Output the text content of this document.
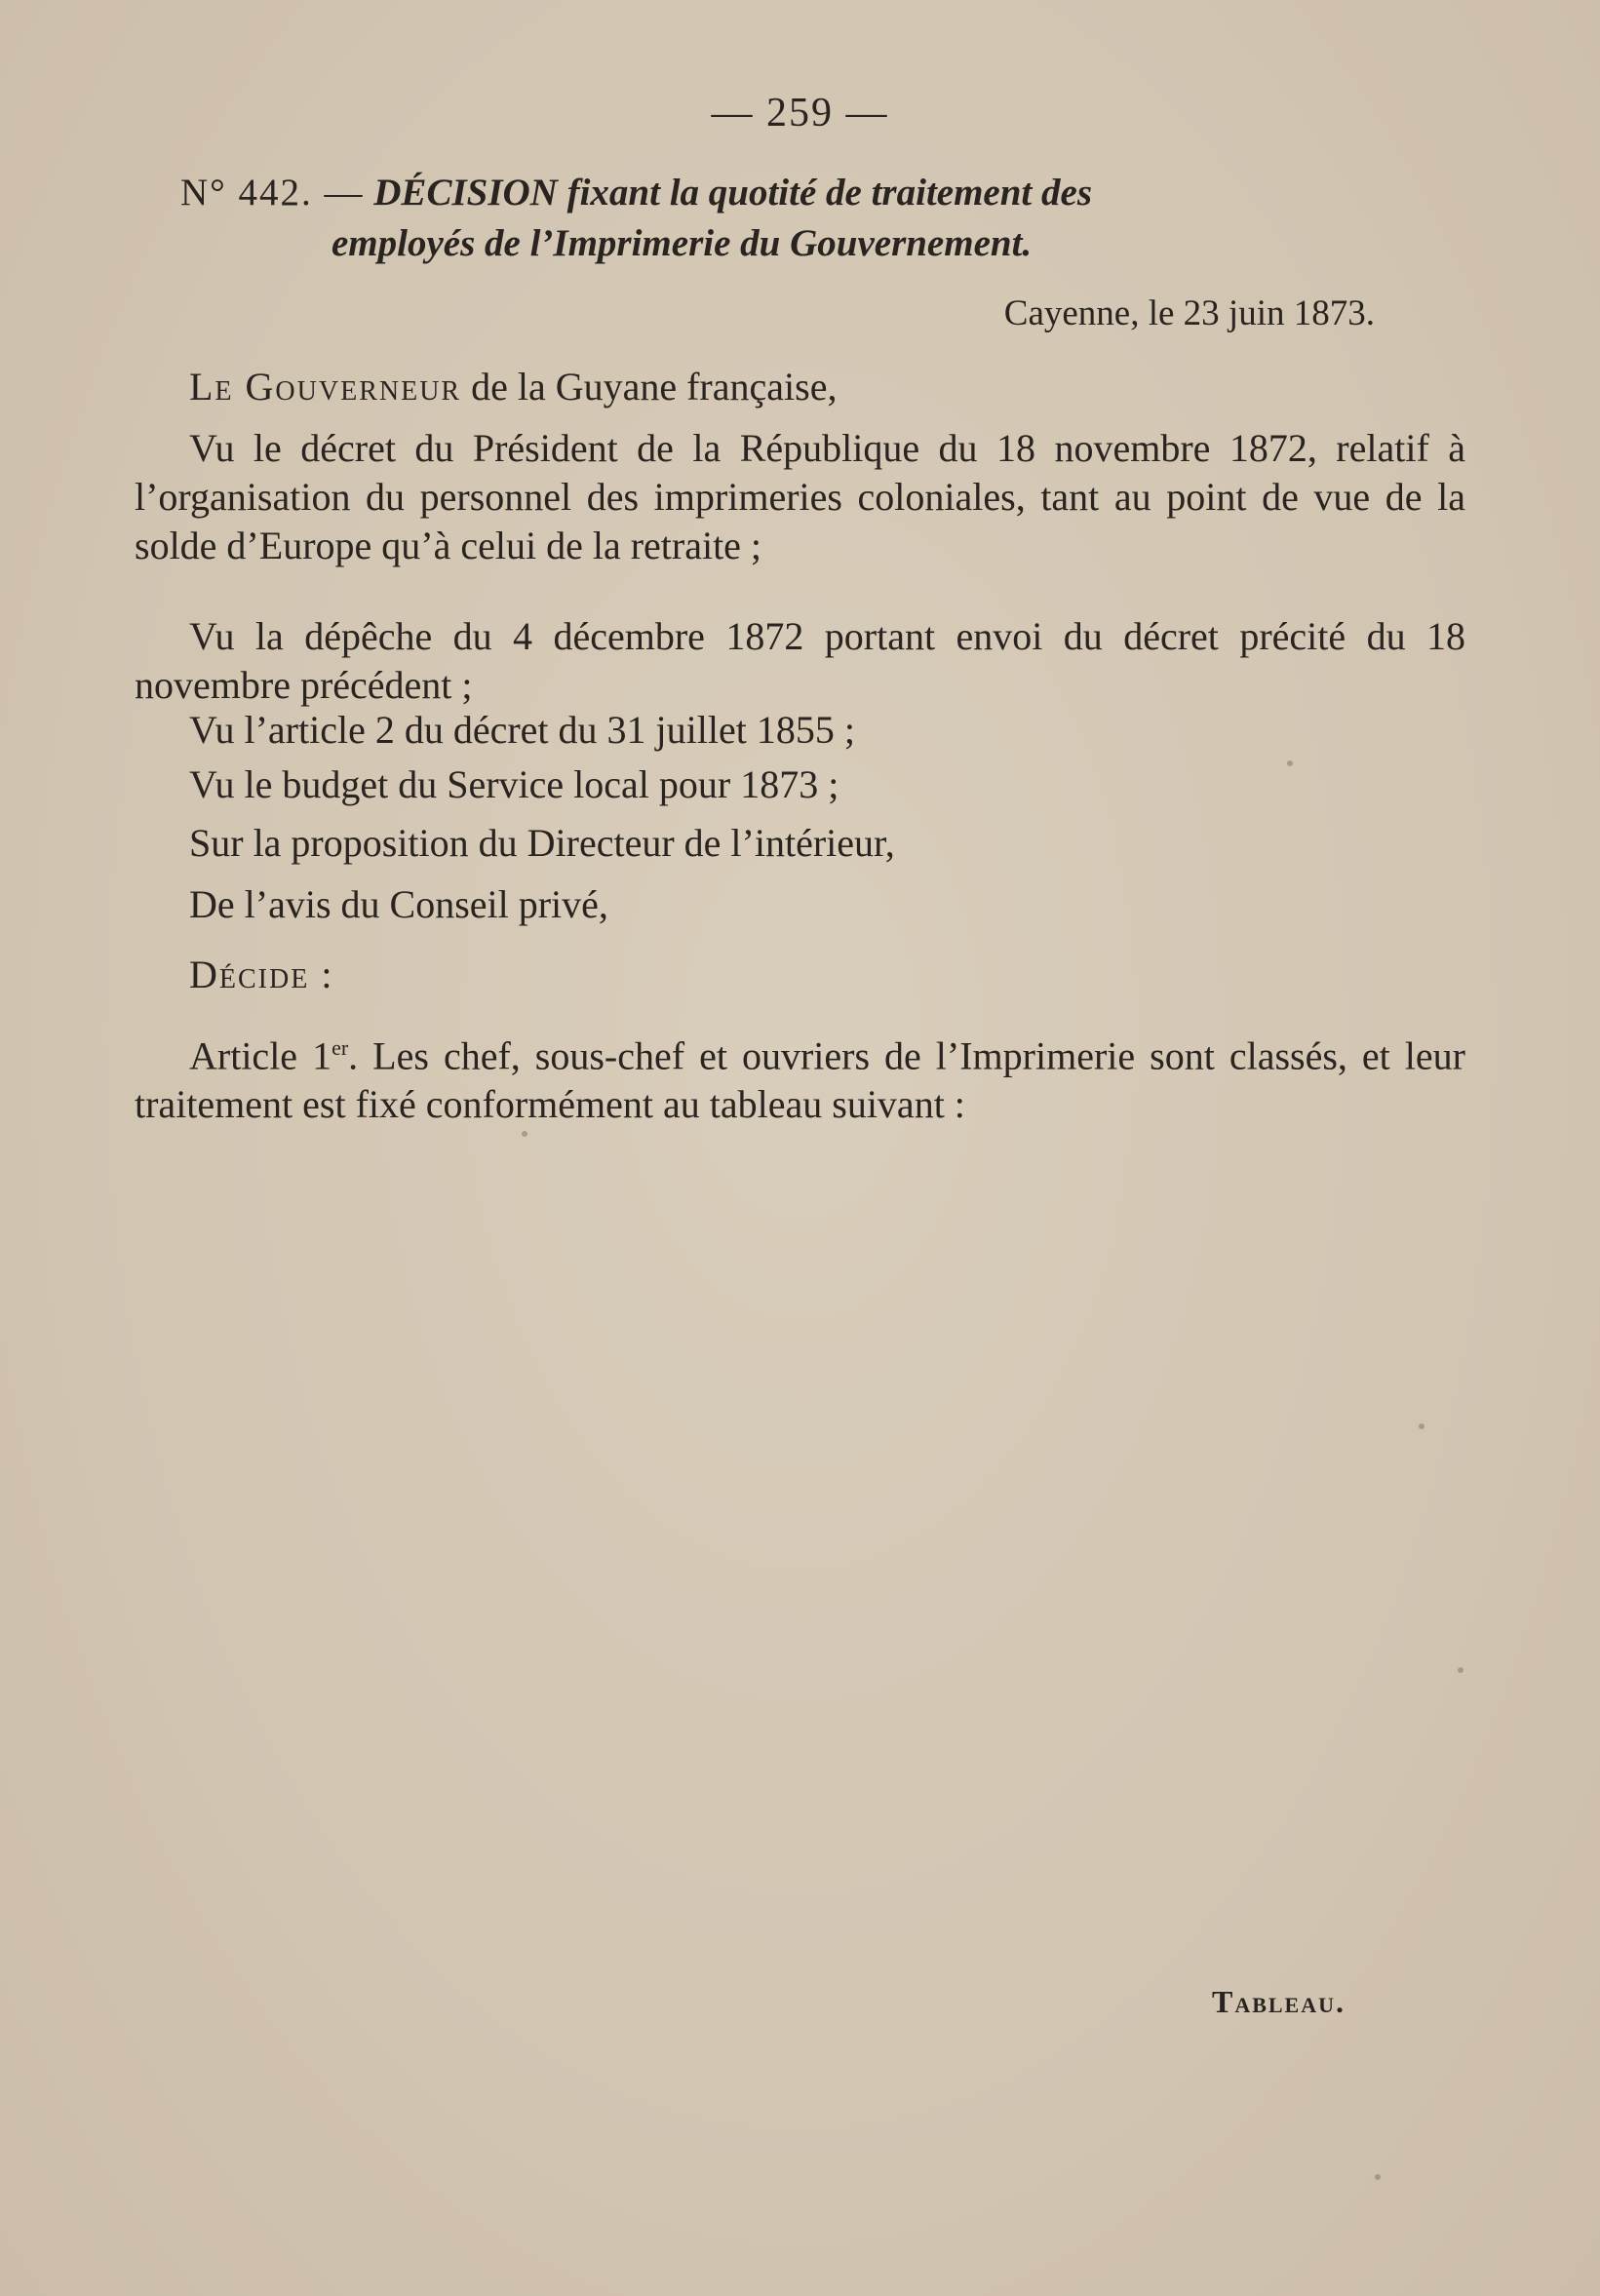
— 259 —
N° 442. — DÉCISION fixant la quotité de traitement des
employés de l’Imprimerie du Gouvernement.
Cayenne, le 23 juin 1873.

Le Gouverneur de la Guyane française,

Vu le décret du Président de la République du 18 novembre 1872, relatif à l’organisation du personnel des imprimeries coloniales, tant au point de vue de la solde d’Europe qu’à celui de la retraite ;

Vu la dépêche du 4 décembre 1872 portant envoi du décret précité du 18 novembre précédent ;

Vu l’article 2 du décret du 31 juillet 1855 ;

Vu le budget du Service local pour 1873 ;

Sur la proposition du Directeur de l’intérieur,

De l’avis du Conseil privé,

Décide :

Article 1er. Les chef, sous-chef et ouvriers de l’Imprimerie sont classés, et leur traitement est fixé conformément au tableau suivant :

Tableau.
